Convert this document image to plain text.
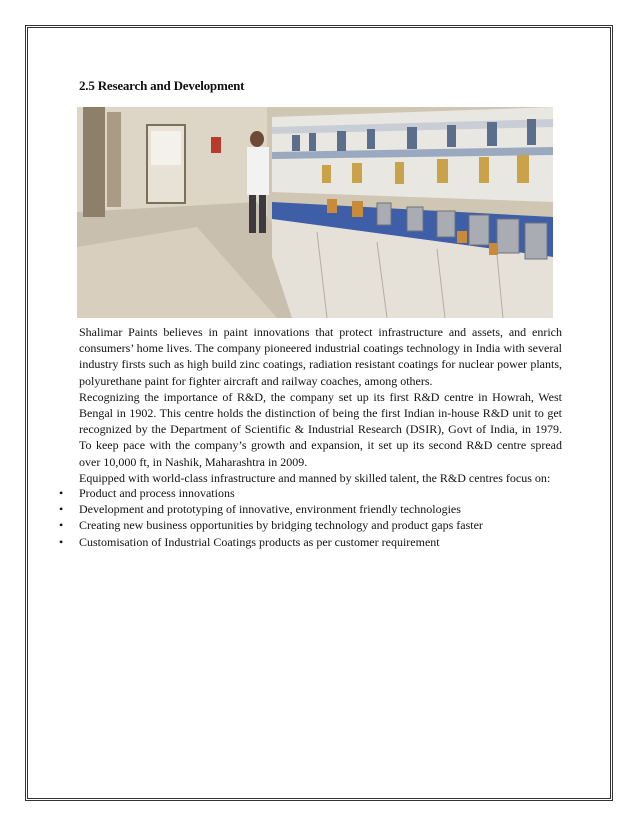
2.5 Research and Development

Shalimar Paints believes in paint innovations that protect infrastructure and assets, and enrich consumers’ home lives. The company pioneered industrial coatings technology in India with several industry firsts such as high build zinc coatings, radiation resistant coatings for nuclear power plants, polyurethane paint for fighter aircraft and railway coaches, among others.

Recognizing the importance of R&D, the company set up its first R&D centre in Howrah, West Bengal in 1902. This centre holds the distinction of being the first Indian in-house R&D unit to get recognized by the Department of Scientific & Industrial Research (DSIR), Govt of India, in 1979. To keep pace with the company’s growth and expansion, it set up its second R&D centre spread over 10,000 ft, in Nashik, Maharashtra in 2009.

Equipped with world-class infrastructure and manned by skilled talent, the R&D centres focus on:

• Product and process innovations
• Development and prototyping of innovative, environment friendly technologies
• Creating new business opportunities by bridging technology and product gaps faster
• Customisation of Industrial Coatings products as per customer requirement
